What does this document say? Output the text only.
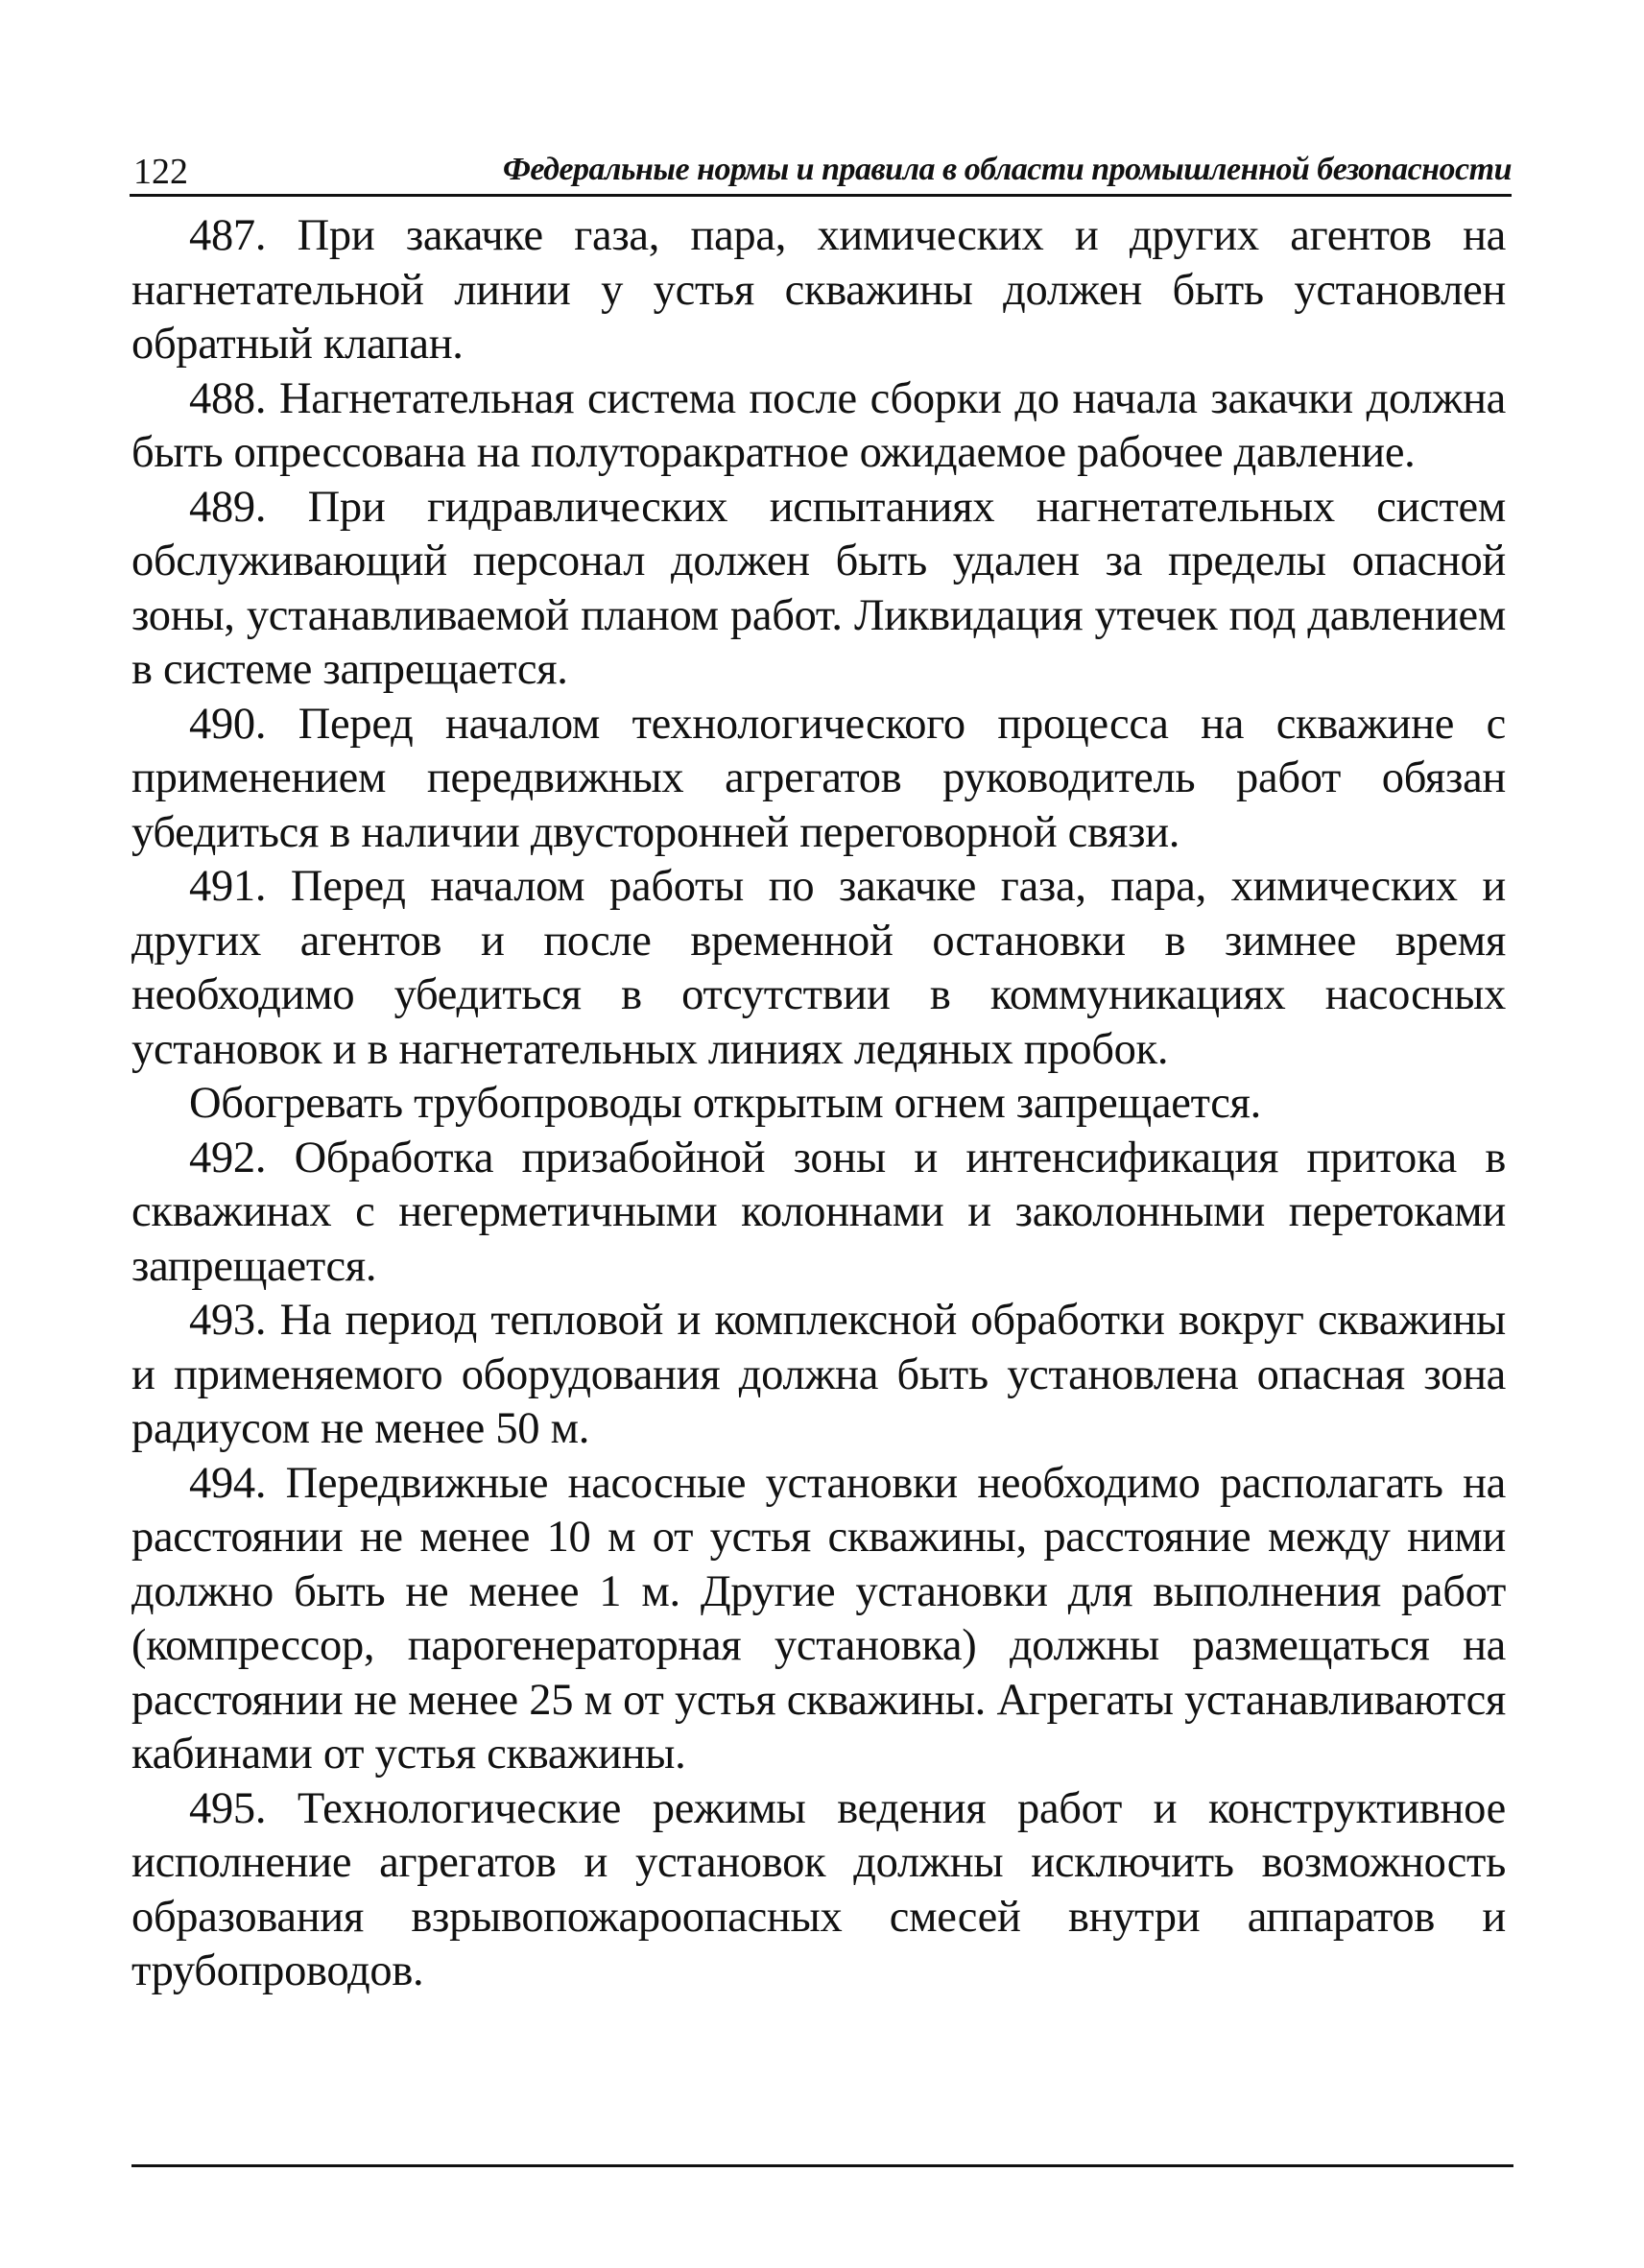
122	Федеральные нормы и правила в области промышленной безопасности

487. При закачке газа, пара, химических и других агентов на нагнетательной линии у устья скважины должен быть установлен обратный клапан.

488. Нагнетательная система после сборки до начала закачки должна быть опрессована на полуторакратное ожидаемое рабочее давление.

489. При гидравлических испытаниях нагнетательных систем обслуживающий персонал должен быть удален за пределы опасной зоны, устанавливаемой планом работ. Ликвидация утечек под давлением в системе запрещается.

490. Перед началом технологического процесса на скважине с применением передвижных агрегатов руководитель работ обязан убедиться в наличии двусторонней переговорной связи.

491. Перед началом работы по закачке газа, пара, химических и других агентов и после временной остановки в зимнее время необходимо убедиться в отсутствии в коммуникациях насосных установок и в нагнетательных линиях ледяных пробок.

Обогревать трубопроводы открытым огнем запрещается.

492. Обработка призабойной зоны и интенсификация притока в скважинах с негерметичными колоннами и заколонными перетоками запрещается.

493. На период тепловой и комплексной обработки вокруг скважины и применяемого оборудования должна быть установлена опасная зона радиусом не менее 50 м.

494. Передвижные насосные установки необходимо располагать на расстоянии не менее 10 м от устья скважины, расстояние между ними должно быть не менее 1 м. Другие установки для выполнения работ (компрессор, парогенераторная установка) должны размещаться на расстоянии не менее 25 м от устья скважины. Агрегаты устанавливаются кабинами от устья скважины.

495. Технологические режимы ведения работ и конструктивное исполнение агрегатов и установок должны исключить возможность образования взрывопожароопасных смесей внутри аппаратов и трубопроводов.
